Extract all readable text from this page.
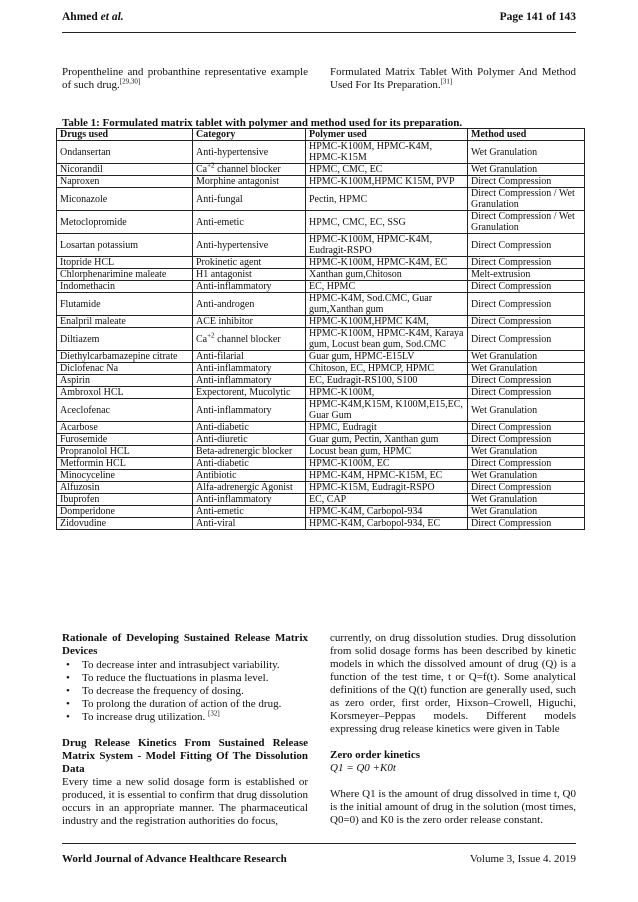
Ahmed et al.	Page 141 of 143
Propentheline and probanthine representative example of such drug.[29,30]
Formulated Matrix Tablet With Polymer And Method Used For Its Preparation.[31]
Table 1: Formulated matrix tablet with polymer and method used for its preparation.
Drugs used	Category	Polymer used	Method used
Ondansertan	Anti-hypertensive	HPMC-K100M, HPMC-K4M, HPMC-K15M	Wet Granulation
Nicorandil	$Ca^{+2}$ channel blocker	HPMC, CMC, EC	Wet Granulation
Naproxen	Morphine antagonist	HPMC-K100M,HPMC K15M, PVP	Direct Compression
Miconazole	Anti-fungal	Pectin, HPMC	Direct Compression / Wet Granulation
Metoclopromide	Anti-emetic	HPMC, CMC, EC, SSG	Direct Compression / Wet Granulation
Losartan potassium	Anti-hypertensive	HPMC-K100M, HPMC-K4M, Eudragit-RSPO	Direct Compression
Itopride HCL	Prokinetic agent	HPMC-K100M, HPMC-K4M, EC	Direct Compression
Chlorphenarimine maleate	H1 antagonist	Xanthan gum,Chitoson	Melt-extrusion
Indomethacin	Anti-inflammatory	EC, HPMC	Direct Compression
Flutamide	Anti-androgen	HPMC-K4M, Sod.CMC, Guar gum,Xanthan gum	Direct Compression
Enalpril maleate	ACE inhibitor	HPMC-K100M,HPMC K4M,	Direct Compression
Diltiazem	$Ca^{+2}$ channel blocker	HPMC-K100M, HPMC-K4M, Karaya gum, Locust bean gum, Sod.CMC	Direct Compression
Diethylcarbamazepine citrate	Anti-filarial	Guar gum, HPMC-E15LV	Wet Granulation
Diclofenac Na	Anti-inflammatory	Chitoson, EC, HPMCP, HPMC	Wet Granulation
Aspirin	Anti-inflammatory	EC, Eudragit-RS100, S100	Direct Compression
Ambroxol HCL	Expectorent, Mucolytic	HPMC-K100M,	Direct Compression
Aceclofenac	Anti-inflammatory	HPMC-K4M,K15M, K100M,E15,EC, Guar Gum	Wet Granulation
Acarbose	Anti-diabetic	HPMC, Eudragit	Direct Compression
Furosemide	Anti-diuretic	Guar gum, Pectin, Xanthan gum	Direct Compression
Propranolol HCL	Beta-adrenergic blocker	Locust bean gum, HPMC	Wet Granulation
Metformin HCL	Anti-diabetic	HPMC-K100M, EC	Direct Compression
Minocyceline	Antibiotic	HPMC-K4M, HPMC-K15M, EC	Wet Granulation
Alfuzosin	Alfa-adrenergic Agonist	HPMC-K15M, Eudragit-RSPO	Direct Compression
Ibuprofen	Anti-inflammatory	EC, CAP	Wet Granulation
Domperidone	Anti-emetic	HPMC-K4M, Carbopol-934	Wet Granulation
Zidovudine	Anti-viral	HPMC-K4M, Carbopol-934, EC	Direct Compression
Rationale of Developing Sustained Release Matrix Devices
• To decrease inter and intrasubject variability.
• To reduce the fluctuations in plasma level.
• To decrease the frequency of dosing.
• To prolong the duration of action of the drug.
• To increase drug utilization. [32]
Drug Release Kinetics From Sustained Release Matrix System - Model Fitting Of The Dissolution Data
Every time a new solid dosage form is established or produced, it is essential to confirm that drug dissolution occurs in an appropriate manner. The pharmaceutical industry and the registration authorities do focus,
currently, on drug dissolution studies. Drug dissolution from solid dosage forms has been described by kinetic models in which the dissolved amount of drug (Q) is a function of the test time, t or Q=f(t). Some analytical definitions of the Q(t) function are generally used, such as zero order, first order, Hixson–Crowell, Higuchi, Korsmeyer–Peppas models. Different models expressing drug release kinetics were given in Table
Zero order kinetics
Q1 = Q0 +K0t
Where Q1 is the amount of drug dissolved in time t, Q0 is the initial amount of drug in the solution (most times, Q0=0) and K0 is the zero order release constant.
World Journal of Advance Healthcare Research	Volume 3, Issue 4. 2019
